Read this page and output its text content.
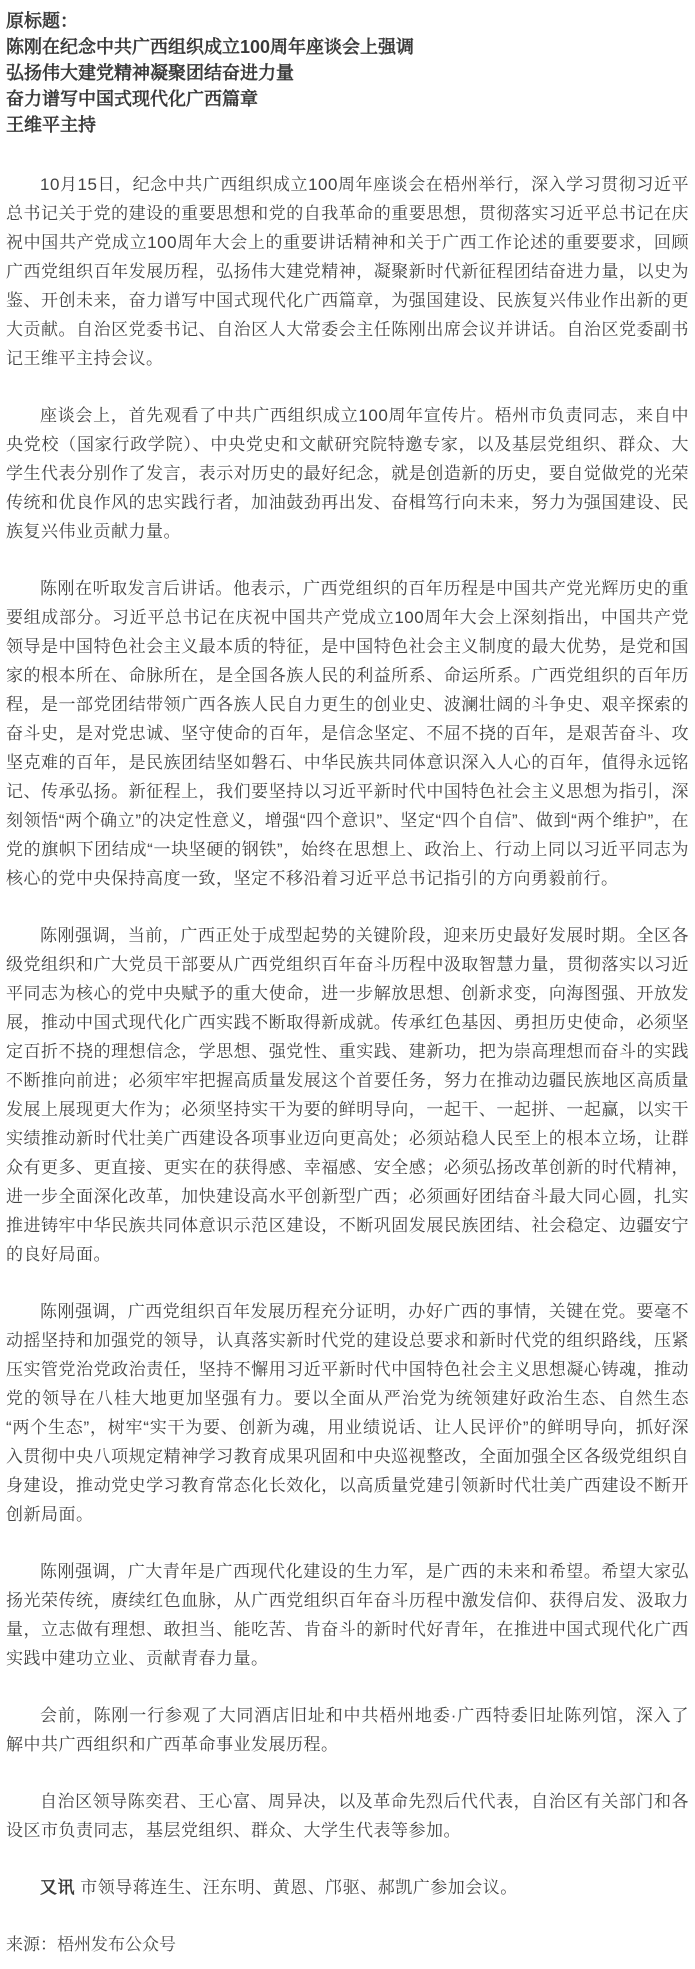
原标题：
陈刚在纪念中共广西组织成立100周年座谈会上强调
弘扬伟大建党精神凝聚团结奋进力量
奋力谱写中国式现代化广西篇章
王维平主持

10月15日，纪念中共广西组织成立100周年座谈会在梧州举行，深入学习贯彻习近平总书记关于党的建设的重要思想和党的自我革命的重要思想，贯彻落实习近平总书记在庆祝中国共产党成立100周年大会上的重要讲话精神和关于广西工作论述的重要要求，回顾广西党组织百年发展历程，弘扬伟大建党精神，凝聚新时代新征程团结奋进力量，以史为鉴、开创未来，奋力谱写中国式现代化广西篇章，为强国建设、民族复兴伟业作出新的更大贡献。自治区党委书记、自治区人大常委会主任陈刚出席会议并讲话。自治区党委副书记王维平主持会议。

座谈会上，首先观看了中共广西组织成立100周年宣传片。梧州市负责同志，来自中央党校（国家行政学院）、中央党史和文献研究院特邀专家，以及基层党组织、群众、大学生代表分别作了发言，表示对历史的最好纪念，就是创造新的历史，要自觉做党的光荣传统和优良作风的忠实践行者，加油鼓劲再出发、奋楫笃行向未来，努力为强国建设、民族复兴伟业贡献力量。

陈刚在听取发言后讲话。他表示，广西党组织的百年历程是中国共产党光辉历史的重要组成部分。习近平总书记在庆祝中国共产党成立100周年大会上深刻指出，中国共产党领导是中国特色社会主义最本质的特征，是中国特色社会主义制度的最大优势，是党和国家的根本所在、命脉所在，是全国各族人民的利益所系、命运所系。广西党组织的百年历程，是一部党团结带领广西各族人民自力更生的创业史、波澜壮阔的斗争史、艰辛探索的奋斗史，是对党忠诚、坚守使命的百年，是信念坚定、不屈不挠的百年，是艰苦奋斗、攻坚克难的百年，是民族团结坚如磐石、中华民族共同体意识深入人心的百年，值得永远铭记、传承弘扬。新征程上，我们要坚持以习近平新时代中国特色社会主义思想为指引，深刻领悟“两个确立”的决定性意义，增强“四个意识”、坚定“四个自信”、做到“两个维护”，在党的旗帜下团结成“一块坚硬的钢铁”，始终在思想上、政治上、行动上同以习近平同志为核心的党中央保持高度一致，坚定不移沿着习近平总书记指引的方向勇毅前行。

陈刚强调，当前，广西正处于成型起势的关键阶段，迎来历史最好发展时期。全区各级党组织和广大党员干部要从广西党组织百年奋斗历程中汲取智慧力量，贯彻落实以习近平同志为核心的党中央赋予的重大使命，进一步解放思想、创新求变，向海图强、开放发展，推动中国式现代化广西实践不断取得新成就。传承红色基因、勇担历史使命，必须坚定百折不挠的理想信念，学思想、强党性、重实践、建新功，把为崇高理想而奋斗的实践不断推向前进；必须牢牢把握高质量发展这个首要任务，努力在推动边疆民族地区高质量发展上展现更大作为；必须坚持实干为要的鲜明导向，一起干、一起拼、一起赢，以实干实绩推动新时代壮美广西建设各项事业迈向更高处；必须站稳人民至上的根本立场，让群众有更多、更直接、更实在的获得感、幸福感、安全感；必须弘扬改革创新的时代精神，进一步全面深化改革，加快建设高水平创新型广西；必须画好团结奋斗最大同心圆，扎实推进铸牢中华民族共同体意识示范区建设，不断巩固发展民族团结、社会稳定、边疆安宁的良好局面。

陈刚强调，广西党组织百年发展历程充分证明，办好广西的事情，关键在党。要毫不动摇坚持和加强党的领导，认真落实新时代党的建设总要求和新时代党的组织路线，压紧压实管党治党政治责任，坚持不懈用习近平新时代中国特色社会主义思想凝心铸魂，推动党的领导在八桂大地更加坚强有力。要以全面从严治党为统领建好政治生态、自然生态“两个生态”，树牢“实干为要、创新为魂，用业绩说话、让人民评价”的鲜明导向，抓好深入贯彻中央八项规定精神学习教育成果巩固和中央巡视整改，全面加强全区各级党组织自身建设，推动党史学习教育常态化长效化，以高质量党建引领新时代壮美广西建设不断开创新局面。

陈刚强调，广大青年是广西现代化建设的生力军，是广西的未来和希望。希望大家弘扬光荣传统，赓续红色血脉，从广西党组织百年奋斗历程中激发信仰、获得启发、汲取力量，立志做有理想、敢担当、能吃苦、肯奋斗的新时代好青年，在推进中国式现代化广西实践中建功立业、贡献青春力量。

会前，陈刚一行参观了大同酒店旧址和中共梧州地委·广西特委旧址陈列馆，深入了解中共广西组织和广西革命事业发展历程。

自治区领导陈奕君、王心富、周异决，以及革命先烈后代代表，自治区有关部门和各设区市负责同志，基层党组织、群众、大学生代表等参加。

又讯 市领导蒋连生、汪东明、黄恩、邝驱、郝凯广参加会议。

来源：梧州发布公众号
